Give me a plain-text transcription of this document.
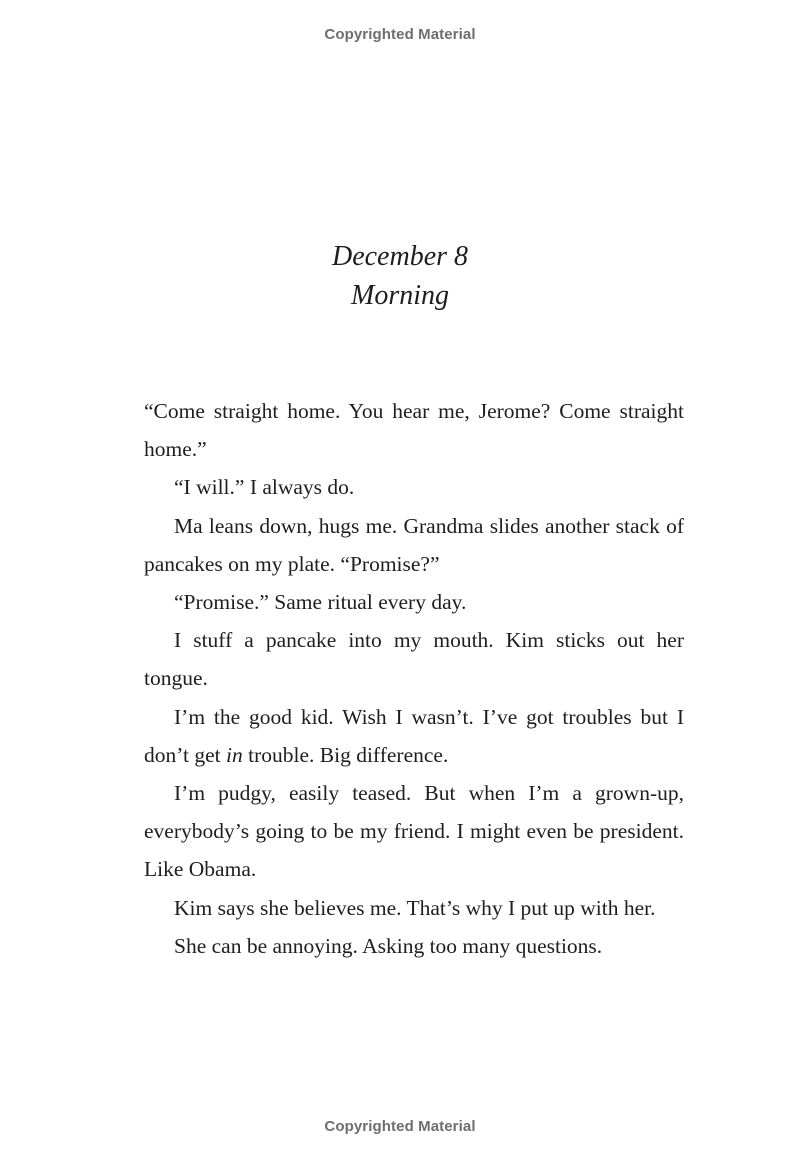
Copyrighted Material
December 8
Morning

“Come straight home. You hear me, Jerome? Come straight home.”

“I will.” I always do.

Ma leans down, hugs me. Grandma slides another stack of pancakes on my plate. “Promise?”

“Promise.” Same ritual every day.

I stuff a pancake into my mouth. Kim sticks out her tongue.

I’m the good kid. Wish I wasn’t. I’ve got troubles but I don’t get in trouble. Big difference.

I’m pudgy, easily teased. But when I’m a grown-up, everybody’s going to be my friend. I might even be president. Like Obama.

Kim says she believes me. That’s why I put up with her.

She can be annoying. Asking too many questions.

Copyrighted Material
